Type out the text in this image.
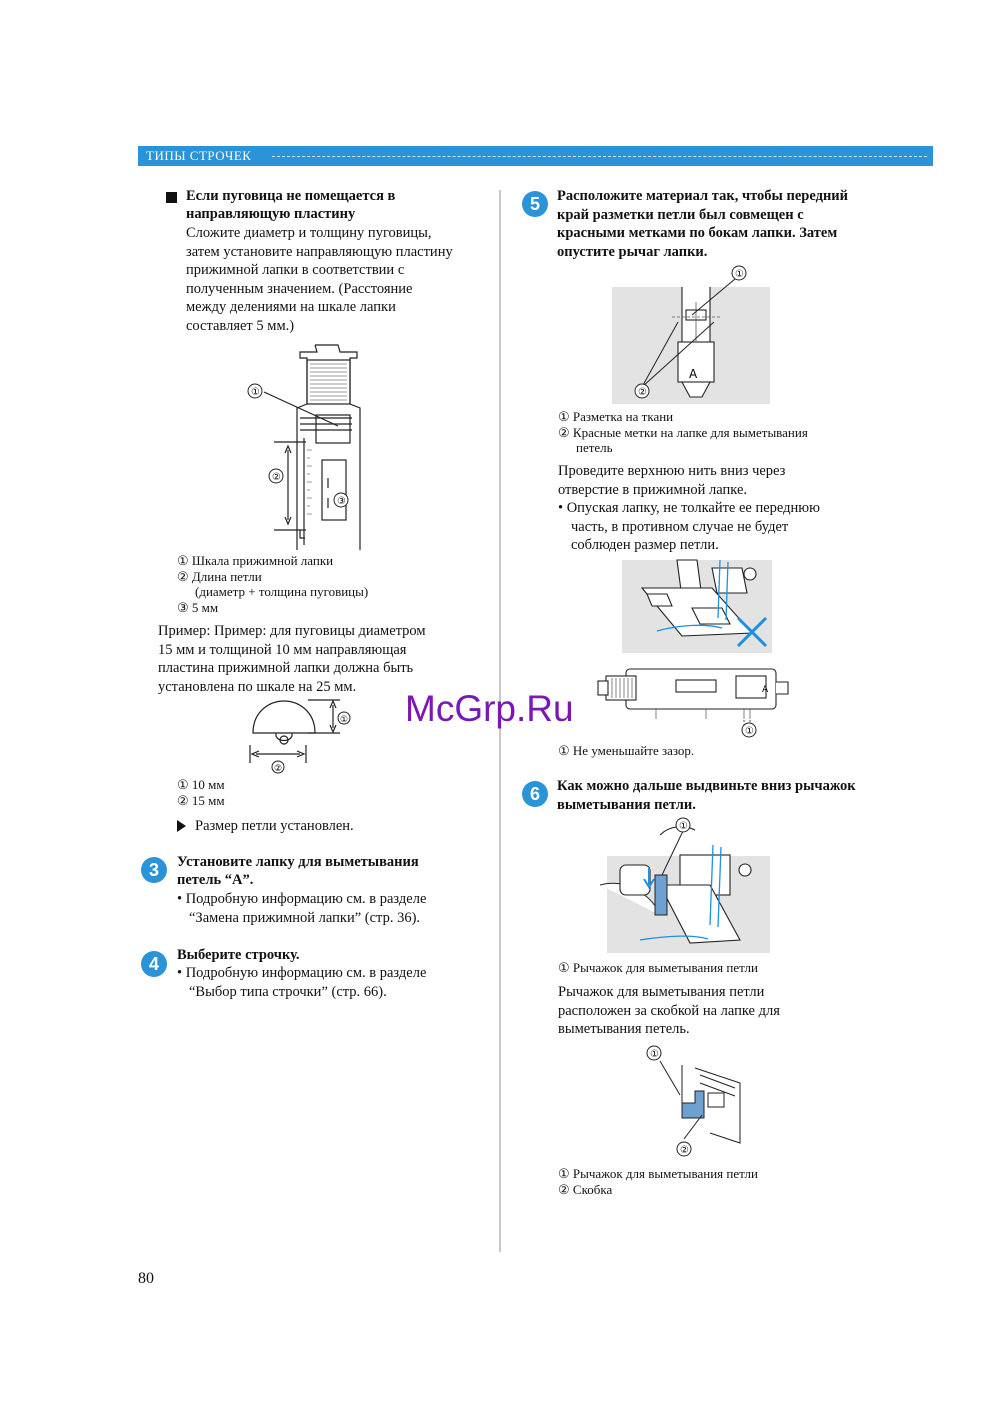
ТИПЫ СТРОЧЕК
Если пуговица не помещается в
направляющую пластину
Сложите диаметр и толщину пуговицы,
затем установите направляющую пластину
прижимной лапки в соответствии с
полученным значением. (Расстояние
между делениями на шкале лапки
составляет 5 мм.)
①
②
③
① Шкала прижимной лапки
② Длина петли
(диаметр + толщина пуговицы)
③ 5 мм
Пример: Пример: для пуговицы диаметром
15 мм и толщиной 10 мм направляющая
пластина прижимной лапки должна быть
установлена по шкале на 25 мм.
①
②
① 10 мм
② 15 мм
Размер петли установлен.
3	Установите лапку для выметывания
петель “A”.
• Подробную информацию см. в разделе
“Замена прижимной лапки” (стр. 36).
4	Выберите строчку.
• Подробную информацию см. в разделе
“Выбор типа строчки” (стр. 66).
5	Расположите материал так, чтобы передний
край разметки петли был совмещен с
красными метками по бокам лапки. Затем
опустите рычаг лапки.
A
①
②
① Разметка на ткани
② Красные метки на лапке для выметывания
петель
Проведите верхнюю нить вниз через
отверстие в прижимной лапке.
• Опуская лапку, не толкайте ее переднюю
часть, в противном случае не будет
соблюден размер петли.
A
①
① Не уменьшайте зазор.
6	Как можно дальше выдвиньте вниз рычажок
выметывания петли.
①
① Рычажок для выметывания петли
Рычажок для выметывания петли
расположен за скобкой на лапке для
выметывания петель.
①
②
① Рычажок для выметывания петли
② Скобка
McGrp.Ru
80
